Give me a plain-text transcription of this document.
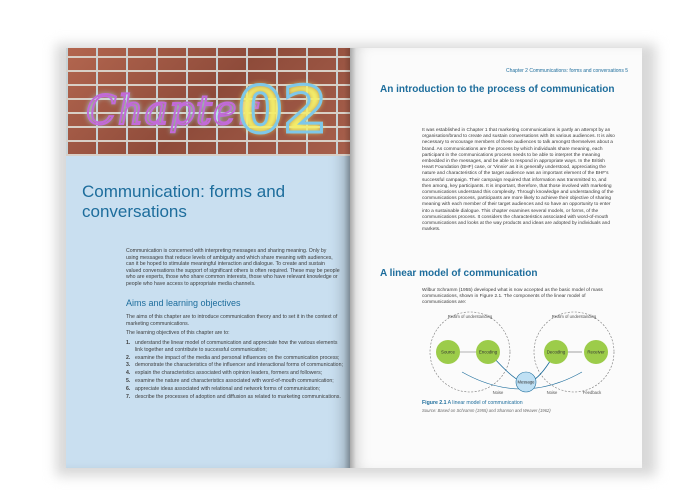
Chapter
02
Communication: forms and conversations

Communication is concerned with interpreting messages and sharing meaning. Only by using messages that reduce levels of ambiguity and which share meaning with audiences, can it be hoped to stimulate meaningful interaction and dialogue. To create and sustain valued conversations the support of significant others is often required. These may be people who are experts, those who share common interests, those who have relevant knowledge or people who have access to appropriate media channels.

Aims and learning objectives

The aims of this chapter are to introduce communication theory and to set it in the context of marketing communications.

The learning objectives of this chapter are to:

1. understand the linear model of communication and appreciate how the various elements link together and contribute to successful communication;
2. examine the impact of the media and personal influences on the communication process;
3. demonstrate the characteristics of the influencer and interactional forms of communication;
4. explain the characteristics associated with opinion leaders, formers and followers;
5. examine the nature and characteristics associated with word-of-mouth communication;
6. appreciate ideas associated with relational and network forms of communication;
7. describe the processes of adoption and diffusion as related to marketing communications.
Chapter 2 Communications: forms and conversations 5
An introduction to the process of communication

It was established in Chapter 1 that marketing communications is partly an attempt by an organisation/brand to create and sustain conversations with its various audiences. It is also necessary to encourage members of these audiences to talk amongst themselves about a brand. As communications are the process by which individuals share meaning, each participant in the communications process needs to be able to interpret the meaning embedded in the messages, and be able to respond in appropriate ways. In the British Heart Foundation (BHF) case, or 'Vinnie' as it is generally understood, appreciating the nature and characteristics of the target audience was an important element of the BHF's successful campaign. Their campaign required that information was transmitted to, and then among, key participants. It is important, therefore, that those involved with marketing communications understand this complexity. Through knowledge and understanding of the communications process, participants are more likely to achieve their objective of sharing meaning with each member of their target audiences and so have an opportunity to enter into a sustainable dialogue. This chapter examines several models, or forms, of the communications process. It considers the characteristics associated with word-of-mouth communications and looks at the way products and ideas are adopted by individuals and markets.

A linear model of communication

Wilbur Schramm (1955) developed what is now accepted as the basic model of mass communications, shown in Figure 2.1. The components of the linear model of communications are:

Realm of understanding	Realm of understanding
Source	Encoding	Decoding	Receiver
Message
Noise	Noise	Feedback

Figure 2.1 A linear model of communication

Source: Based on Schramm (1955) and Shannon and Weaver (1962)
